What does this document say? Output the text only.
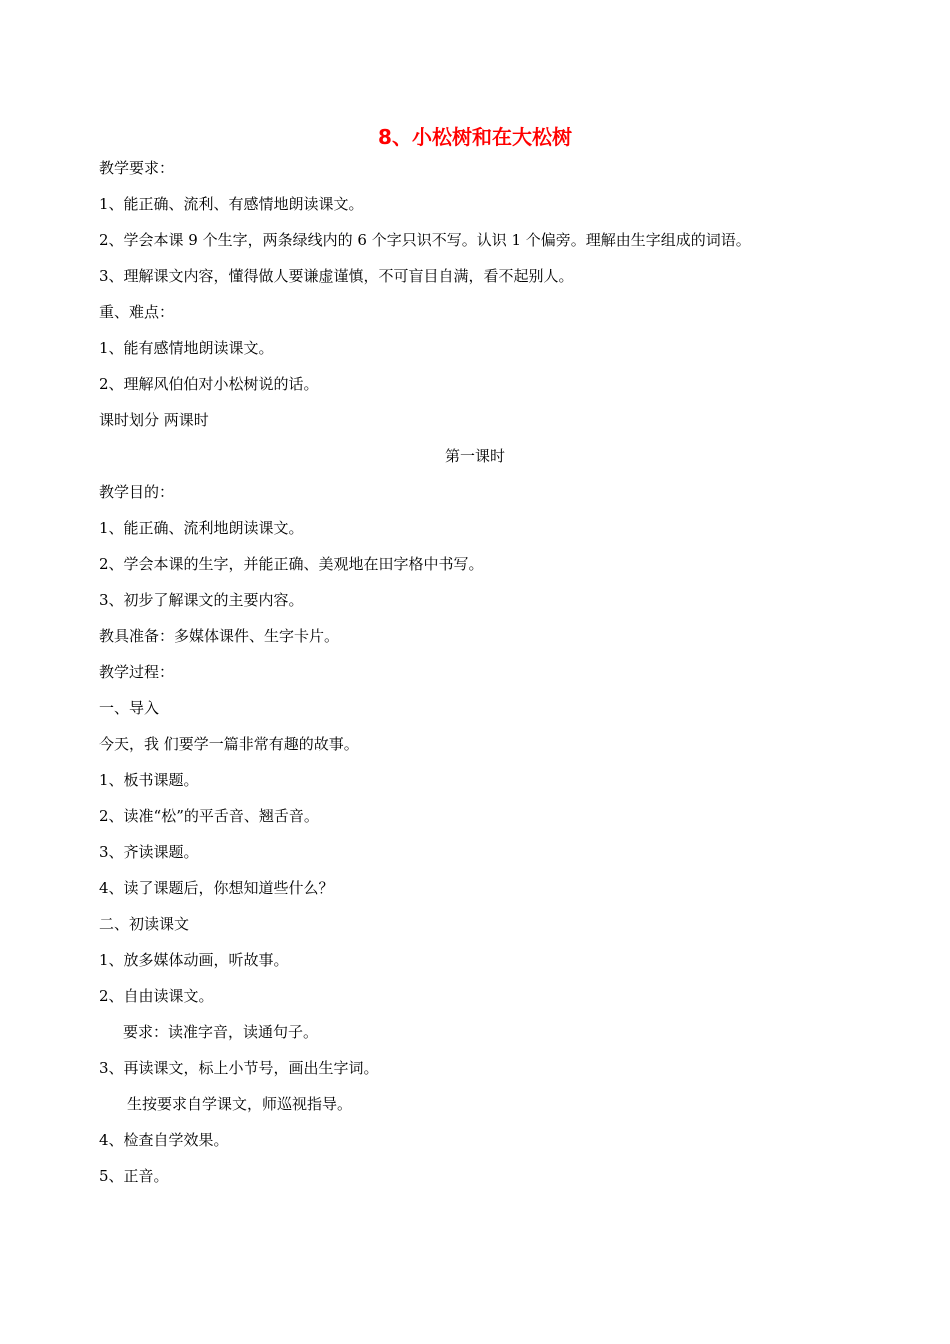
8、小松树和在大松树

教学要求：

1、能正确、流利、有感情地朗读课文。

2、学会本课 9 个生字，两条绿线内的 6 个字只识不写。认识 1 个偏旁。理解由生字组成的词语。

3、理解课文内容，懂得做人要谦虚谨慎，不可盲目自满，看不起别人。

重、难点：

1、能有感情地朗读课文。

2、理解风伯伯对小松树说的话。

课时划分 两课时

第一课时

教学目的：

1、能正确、流利地朗读课文。

2、学会本课的生字，并能正确、美观地在田字格中书写。

3、初步了解课文的主要内容。

教具准备：多媒体课件、生字卡片。

教学过程：

一、导入

今天，我 们要学一篇非常有趣的故事。

1、板书课题。

2、读准“松”的平舌音、翘舌音。

3、齐读课题。

4、读了课题后，你想知道些什么？

二、初读课文

1、放多媒体动画，听故事。

2、自由读课文。

要求：读准字音，读通句子。

3、再读课文，标上小节号，画出生字词。

生按要求自学课文，师巡视指导。

4、检查自学效果。

5、正音。
